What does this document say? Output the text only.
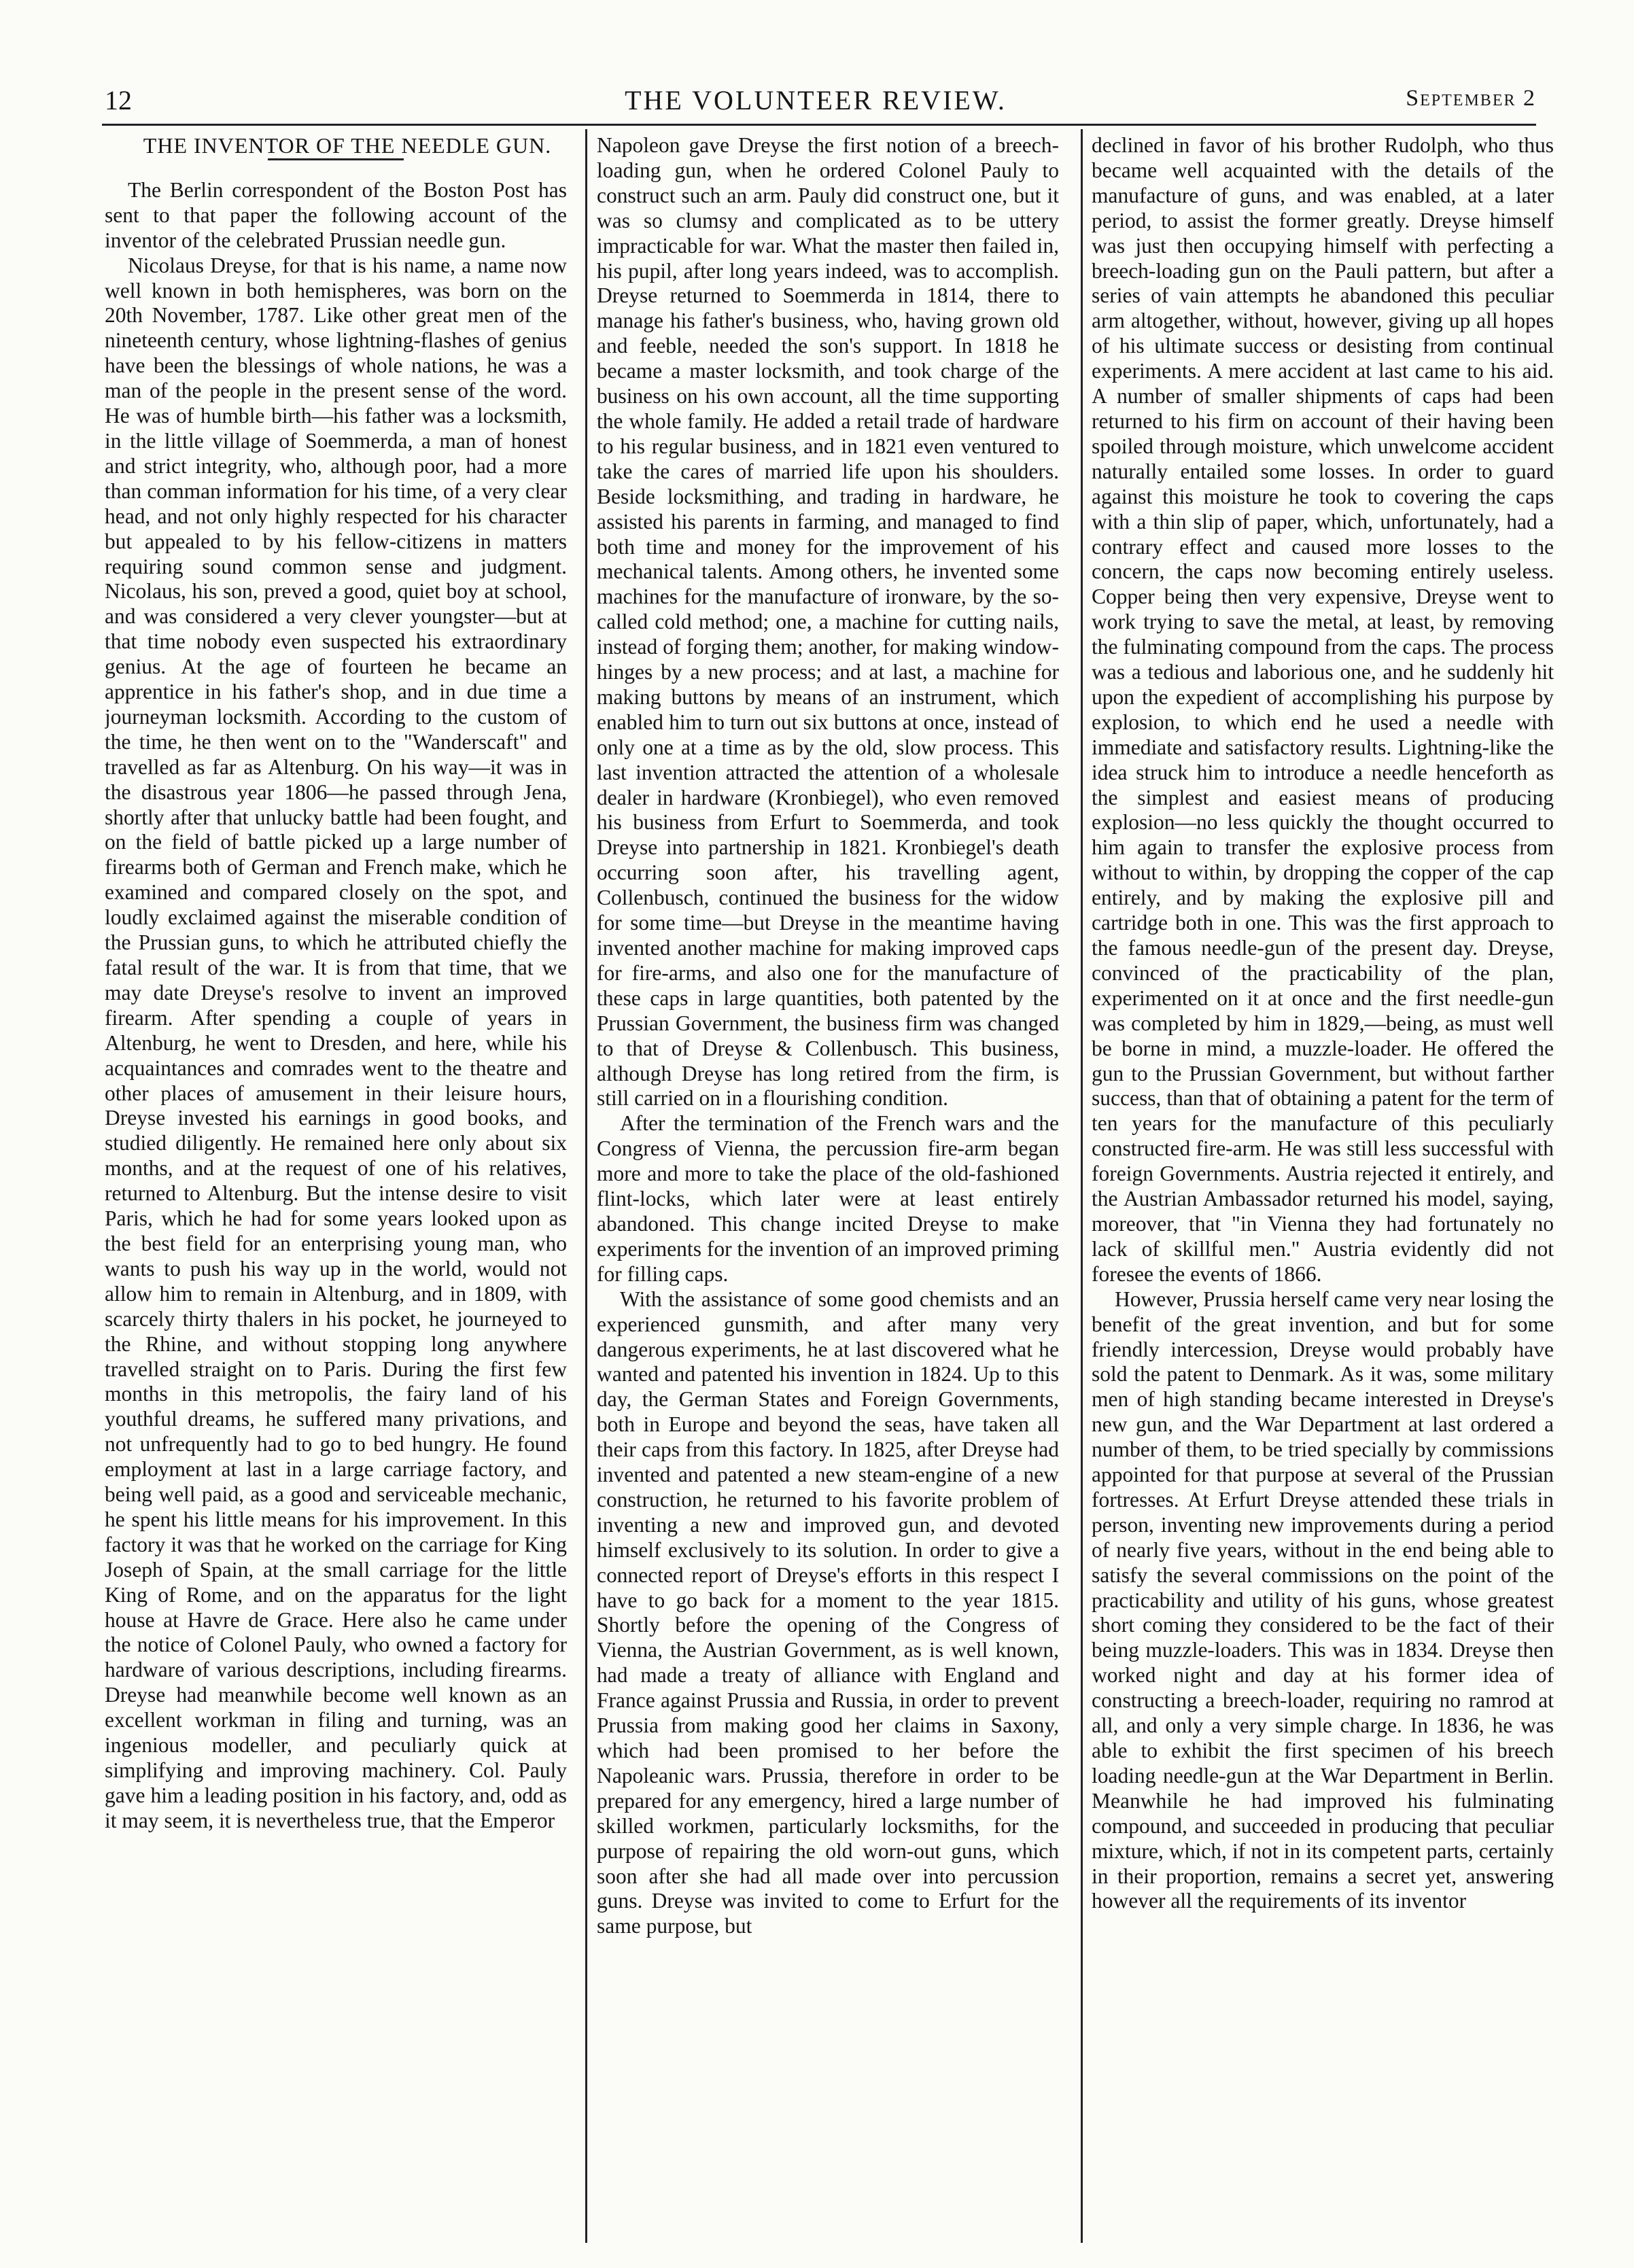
12	THE VOLUNTEER REVIEW.	September 2

THE INVENTOR OF THE NEEDLE GUN.

The Berlin correspondent of the Boston Post has sent to that paper the following account of the inventor of the celebrated Prussian needle gun.

Nicolaus Dreyse, for that is his name, a name now well known in both hemispheres, was born on the 20th November, 1787. Like other great men of the nineteenth century, whose lightning-flashes of genius have been the blessings of whole nations, he was a man of the people in the present sense of the word. He was of humble birth—his father was a locksmith, in the little village of Soemmerda, a man of honest and strict integrity, who, although poor, had a more than comman information for his time, of a very clear head, and not only highly respected for his character but appealed to by his fellow-citizens in matters requiring sound common sense and judgment. Nicolaus, his son, preved a good, quiet boy at school, and was considered a very clever youngster—but at that time nobody even suspected his extraordinary genius. At the age of fourteen he became an apprentice in his father's shop, and in due time a journeyman locksmith. According to the custom of the time, he then went on to the "Wanderscaft" and travelled as far as Altenburg. On his way—it was in the disastrous year 1806—he passed through Jena, shortly after that unlucky battle had been fought, and on the field of battle picked up a large number of firearms both of German and French make, which he examined and compared closely on the spot, and loudly exclaimed against the miserable condition of the Prussian guns, to which he attributed chiefly the fatal result of the war. It is from that time, that we may date Dreyse's resolve to invent an improved firearm. After spending a couple of years in Altenburg, he went to Dresden, and here, while his acquaintances and comrades went to the theatre and other places of amusement in their leisure hours, Dreyse invested his earnings in good books, and studied diligently. He remained here only about six months, and at the request of one of his relatives, returned to Altenburg. But the intense desire to visit Paris, which he had for some years looked upon as the best field for an enterprising young man, who wants to push his way up in the world, would not allow him to remain in Altenburg, and in 1809, with scarcely thirty thalers in his pocket, he journeyed to the Rhine, and without stopping long anywhere travelled straight on to Paris. During the first few months in this metropolis, the fairy land of his youthful dreams, he suffered many privations, and not unfrequently had to go to bed hungry. He found employment at last in a large carriage factory, and being well paid, as a good and serviceable mechanic, he spent his little means for his improvement. In this factory it was that he worked on the carriage for King Joseph of Spain, at the small carriage for the little King of Rome, and on the apparatus for the light house at Havre de Grace. Here also he came under the notice of Colonel Pauly, who owned a factory for hardware of various descriptions, including firearms. Dreyse had meanwhile become well known as an excellent workman in filing and turning, was an ingenious modeller, and peculiarly quick at simplifying and improving machinery. Col. Pauly gave him a leading position in his factory, and, odd as it may seem, it is nevertheless true, that the Emperor

Napoleon gave Dreyse the first notion of a breech-loading gun, when he ordered Colonel Pauly to construct such an arm. Pauly did construct one, but it was so clumsy and complicated as to be uttery impracticable for war. What the master then failed in, his pupil, after long years indeed, was to accomplish. Dreyse returned to Soemmerda in 1814, there to manage his father's business, who, having grown old and feeble, needed the son's support. In 1818 he became a master locksmith, and took charge of the business on his own account, all the time supporting the whole family. He added a retail trade of hardware to his regular business, and in 1821 even ventured to take the cares of married life upon his shoulders. Beside locksmithing, and trading in hardware, he assisted his parents in farming, and managed to find both time and money for the improvement of his mechanical talents. Among others, he invented some machines for the manufacture of ironware, by the so-called cold method; one, a machine for cutting nails, instead of forging them; another, for making window-hinges by a new process; and at last, a machine for making buttons by means of an instrument, which enabled him to turn out six buttons at once, instead of only one at a time as by the old, slow process. This last invention attracted the attention of a wholesale dealer in hardware (Kronbiegel), who even removed his business from Erfurt to Soemmerda, and took Dreyse into partnership in 1821. Kronbiegel's death occurring soon after, his travelling agent, Collenbusch, continued the business for the widow for some time—but Dreyse in the meantime having invented another machine for making improved caps for fire-arms, and also one for the manufacture of these caps in large quantities, both patented by the Prussian Government, the business firm was changed to that of Dreyse & Collenbusch. This business, although Dreyse has long retired from the firm, is still carried on in a flourishing condition.

After the termination of the French wars and the Congress of Vienna, the percussion fire-arm began more and more to take the place of the old-fashioned flint-locks, which later were at least entirely abandoned. This change incited Dreyse to make experiments for the invention of an improved priming for filling caps.

With the assistance of some good chemists and an experienced gunsmith, and after many very dangerous experiments, he at last discovered what he wanted and patented his invention in 1824. Up to this day, the German States and Foreign Governments, both in Europe and beyond the seas, have taken all their caps from this factory. In 1825, after Dreyse had invented and patented a new steam-engine of a new construction, he returned to his favorite problem of inventing a new and improved gun, and devoted himself exclusively to its solution. In order to give a connected report of Dreyse's efforts in this respect I have to go back for a moment to the year 1815. Shortly before the opening of the Congress of Vienna, the Austrian Government, as is well known, had made a treaty of alliance with England and France against Prussia and Russia, in order to prevent Prussia from making good her claims in Saxony, which had been promised to her before the Napoleanic wars. Prussia, therefore in order to be prepared for any emergency, hired a large number of skilled workmen, particularly locksmiths, for the purpose of repairing the old worn-out guns, which soon after she had all made over into percussion guns. Dreyse was invited to come to Erfurt for the same purpose, but

declined in favor of his brother Rudolph, who thus became well acquainted with the details of the manufacture of guns, and was enabled, at a later period, to assist the former greatly. Dreyse himself was just then occupying himself with perfecting a breech-loading gun on the Pauli pattern, but after a series of vain attempts he abandoned this peculiar arm altogether, without, however, giving up all hopes of his ultimate success or desisting from continual experiments. A mere accident at last came to his aid. A number of smaller shipments of caps had been returned to his firm on account of their having been spoiled through moisture, which unwelcome accident naturally entailed some losses. In order to guard against this moisture he took to covering the caps with a thin slip of paper, which, unfortunately, had a contrary effect and caused more losses to the concern, the caps now becoming entirely useless. Copper being then very expensive, Dreyse went to work trying to save the metal, at least, by removing the fulminating compound from the caps. The process was a tedious and laborious one, and he suddenly hit upon the expedient of accomplishing his purpose by explosion, to which end he used a needle with immediate and satisfactory results. Lightning-like the idea struck him to introduce a needle henceforth as the simplest and easiest means of producing explosion—no less quickly the thought occurred to him again to transfer the explosive process from without to within, by dropping the copper of the cap entirely, and by making the explosive pill and cartridge both in one. This was the first approach to the famous needle-gun of the present day. Dreyse, convinced of the practicability of the plan, experimented on it at once and the first needle-gun was completed by him in 1829,—being, as must well be borne in mind, a muzzle-loader. He offered the gun to the Prussian Government, but without farther success, than that of obtaining a patent for the term of ten years for the manufacture of this peculiarly constructed fire-arm. He was still less successful with foreign Governments. Austria rejected it entirely, and the Austrian Ambassador returned his model, saying, moreover, that "in Vienna they had fortunately no lack of skillful men." Austria evidently did not foresee the events of 1866.

However, Prussia herself came very near losing the benefit of the great invention, and but for some friendly intercession, Dreyse would probably have sold the patent to Denmark. As it was, some military men of high standing became interested in Dreyse's new gun, and the War Department at last ordered a number of them, to be tried specially by commissions appointed for that purpose at several of the Prussian fortresses. At Erfurt Dreyse attended these trials in person, inventing new improvements during a period of nearly five years, without in the end being able to satisfy the several commissions on the point of the practicability and utility of his guns, whose greatest short coming they considered to be the fact of their being muzzle-loaders. This was in 1834. Dreyse then worked night and day at his former idea of constructing a breech-loader, requiring no ramrod at all, and only a very simple charge. In 1836, he was able to exhibit the first specimen of his breech loading needle-gun at the War Department in Berlin. Meanwhile he had improved his fulminating compound, and succeeded in producing that peculiar mixture, which, if not in its competent parts, certainly in their proportion, remains a secret yet, answering however all the requirements of its inventor
